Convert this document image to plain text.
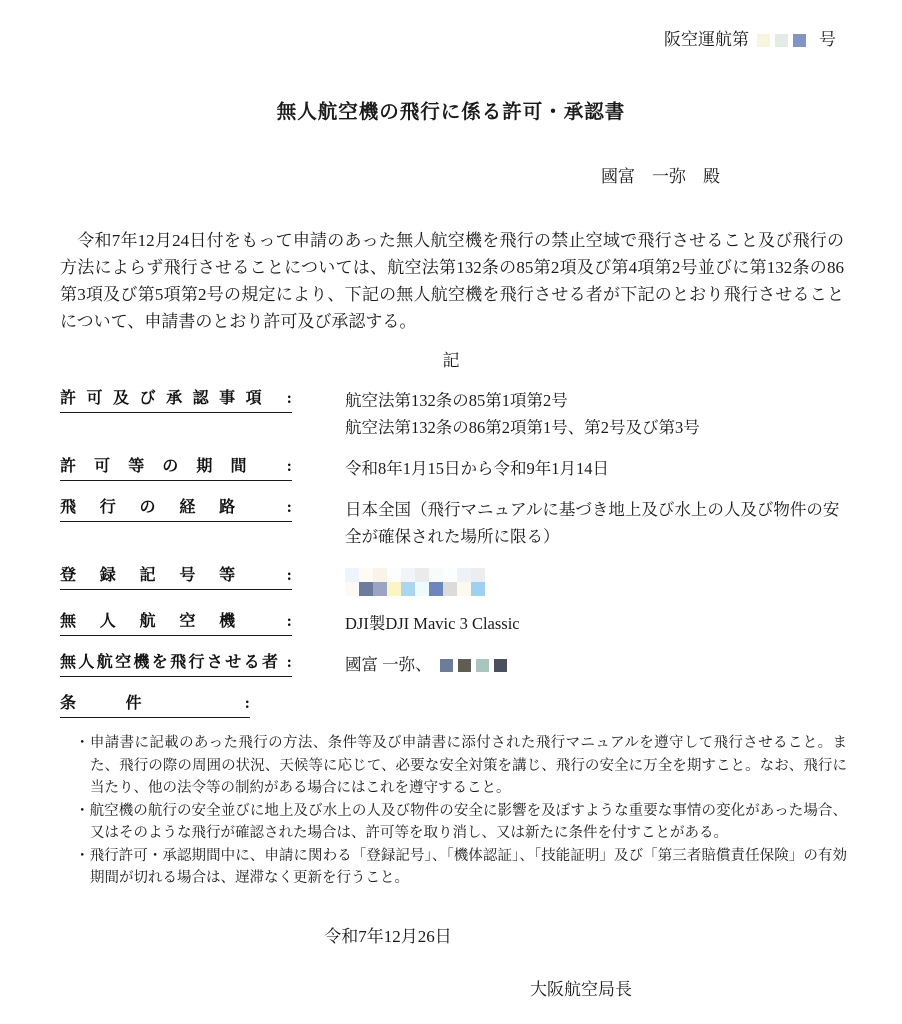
阪空運航第	号
無人航空機の飛行に係る許可・承認書
國富　一弥　殿

　令和7年12月24日付をもって申請のあった無人航空機を飛行の禁止空域で飛行させること及び飛行の方法によらず飛行させることについては、航空法第132条の85第2項及び第4項第2号並びに第132条の86第3項及び第5項第2号の規定により、下記の無人航空機を飛行させる者が下記のとおり飛行させることについて、申請書のとおり許可及び承認する。

記
許可及び承認事項 :	航空法第132条の85第1項第2号
航空法第132条の86第2項第1号、第2号及び第3号
許可等の期間 :	令和8年1月15日から令和9年1月14日
飛行の経路 :	日本全国（飛行マニュアルに基づき地上及び水上の人及び物件の安全が確保された場所に限る）
登録記号等 :
無人航空機 :	DJI製DJI Mavic 3 Classic
無人航空機を飛行させる者 :	國富 一弥、
条件 :

・申請書に記載のあった飛行の方法、条件等及び申請書に添付された飛行マニュアルを遵守して飛行させること。また、飛行の際の周囲の状況、天候等に応じて、必要な安全対策を講じ、飛行の安全に万全を期すこと。なお、飛行に当たり、他の法令等の制約がある場合にはこれを遵守すること。

・航空機の航行の安全並びに地上及び水上の人及び物件の安全に影響を及ぼすような重要な事情の変化があった場合、又はそのような飛行が確認された場合は、許可等を取り消し、又は新たに条件を付すことがある。

・飛行許可・承認期間中に、申請に関わる「登録記号」、「機体認証」、「技能証明」及び「第三者賠償責任保険」の有効期間が切れる場合は、遅滞なく更新を行うこと。

令和7年12月26日
大阪航空局長
